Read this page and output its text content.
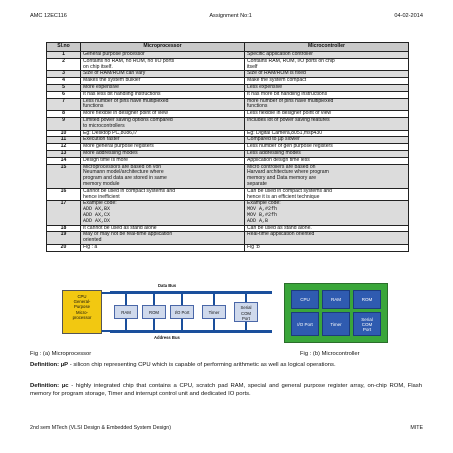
AMC 12EC116	Assignment No:1	04-02-2014
Sl.no	Microprocessor	Microcontroller
1	General purpose processor	Specific application controller

2	Contains no RAM, no ROM, no I/O ports
on chip itself.	Contains RAM, ROM, I/O ports on chip
itself

3	Size of RAM/ROM can vary	Size of RAM/ROM is fixed

4	Makes the system bulkier	Make the system compact

5	More expensive	Less expensive

6	It has less bit handling instructions	It has more bit handling instructions

7	Less number of pins have multiplexed
functions	more number of pins have multiplexed
functions

8	More flexible in designer point of view	Less flexible in designer point of view

9	Limited power saving options compared
to microcontrollers	Includes lot of power saving features

10	Eg: Desktop PC,8086,i7	Eg: Digital Camera,8051,msp430

11	Execution faster	Compared to µp slower

12	More general purpose registers	Less number of gen purpose registers

13	More addressing modes	Less addressing modes

14	Design time is more	Application design time less

15	Microprocessors are based on von
Neumann model/architecture where
program and data are stored in same
memory module	Micro controllers are based on
Harvard architecture where program
memory and Data memory are
separate

16	Cannot be used in compact systems and
hence inefficient	Can be used in compact systems and
hence it is an efficient technique

17	Example code:
ADD AX,BX
ADD AX,CX
ADD AX,DX	Example code:
MOV A,#2fh
MOV B,#2fh
ADD A,B

18	It cannot be used as stand alone	Can be used as stand alone.

19	May or may not be real-time application
oriented	Real-time application oriented

20	Fig : a	Fig :b
Data Bus
Address Bus
CPU
General-
Purpose
Micro-
processor
RAM	ROM	I/O Port	Timer
Serial
COM
Port
CPU	RAM	ROM
I/O Port	Timer
Serial
COM
Port
Fig : (a) Microprocessor	Fig : (b) Microcontroller
Definition: µP - silicon chip representing CPU which is capable of performing arithmetic as well as logical operations.
Definition: µc - highly integrated chip that contains a CPU, scratch pad RAM, special and general purpose register array, on-chip ROM, Flash memory for program storage, Timer and interrupt control unit and dedicated IO ports.
2nd sem MTech (VLSI Design & Embedded System Design)	MITE
